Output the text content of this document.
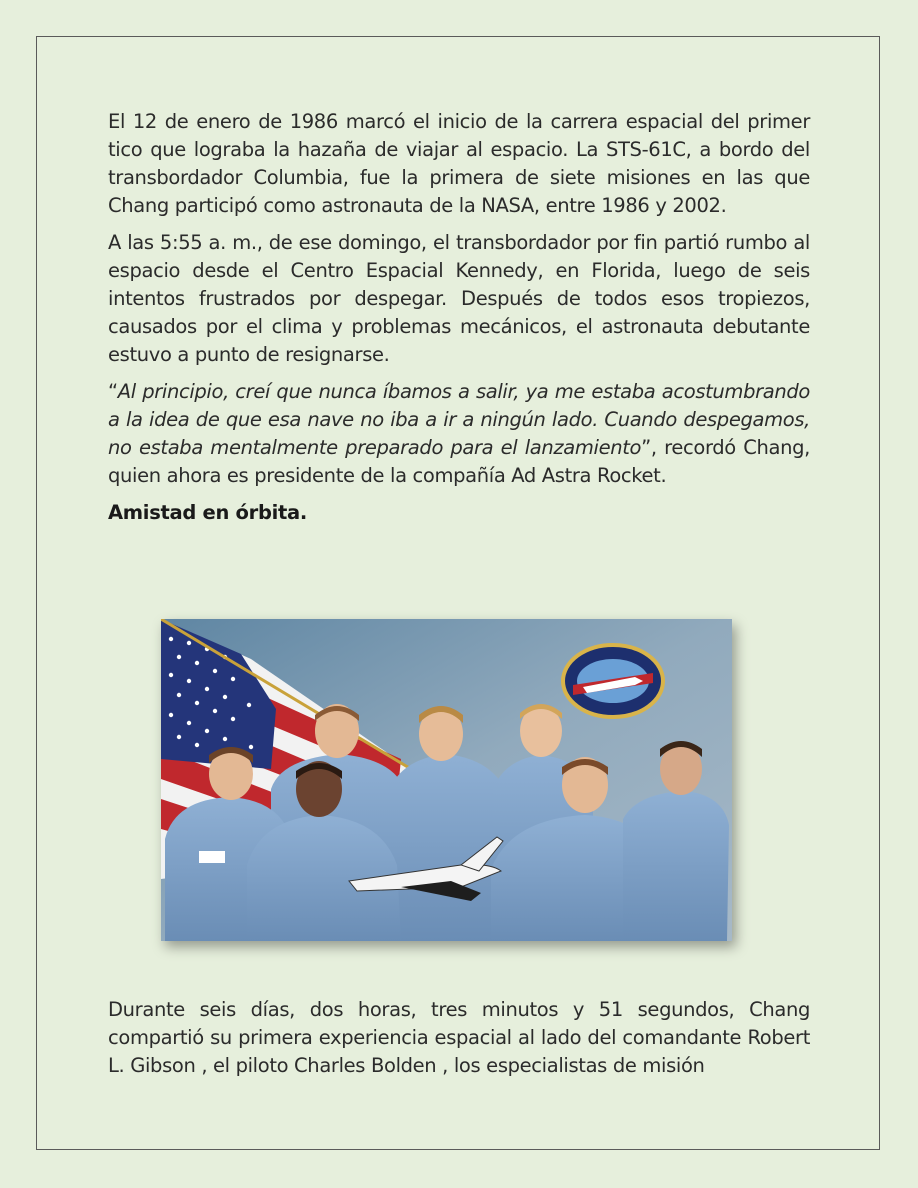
El 12 de enero de 1986 marcó el inicio de la carrera espacial del primer tico que lograba la hazaña de viajar al espacio. La STS-61C, a bordo del transbordador Columbia, fue la primera de siete misiones en las que Chang participó como astronauta de la NASA, entre 1986 y 2002.

A las 5:55 a. m., de ese domingo, el transbordador por fin partió rumbo al espacio desde el Centro Espacial Kennedy, en Florida, luego de seis intentos frustrados por despegar. Después de todos esos tropiezos, causados por el clima y problemas mecánicos, el astronauta debutante estuvo a punto de resignarse.

“Al principio, creí que nunca íbamos a salir, ya me estaba acostumbrando a la idea de que esa nave no iba a ir a ningún lado. Cuando despegamos, no estaba mentalmente preparado para el lanzamiento”, recordó Chang, quien ahora es presidente de la compañía Ad Astra Rocket.

Amistad en órbita.

Durante seis días, dos horas, tres minutos y 51 segundos, Chang compartió su primera experiencia espacial al lado del comandante Robert L. Gibson , el piloto Charles Bolden , los especialistas de misión
